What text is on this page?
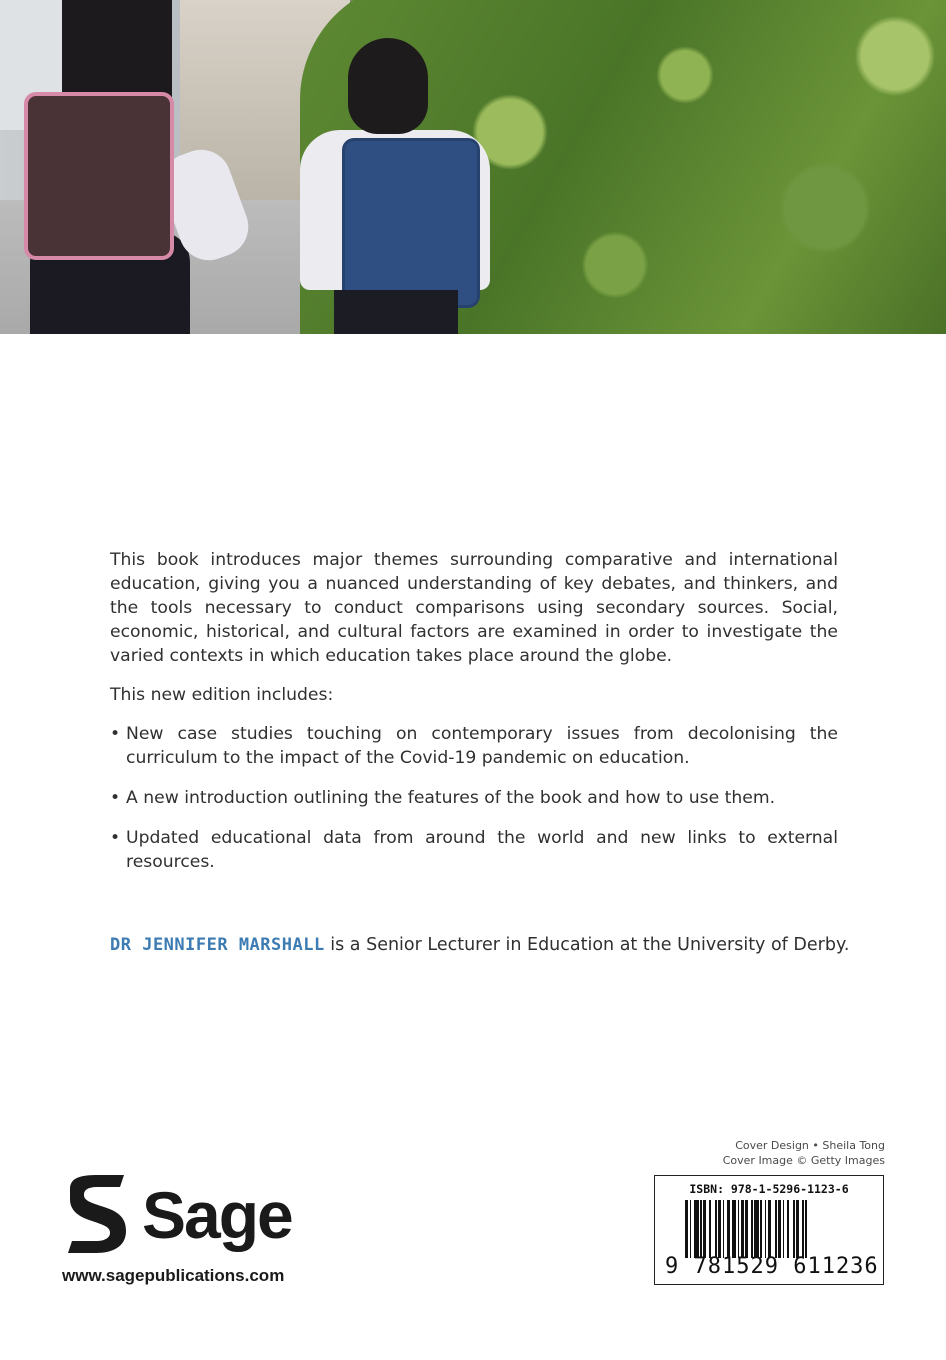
This book introduces major themes surrounding comparative and international education, giving you a nuanced understanding of key debates, and thinkers, and the tools necessary to conduct comparisons using secondary sources. Social, economic, historical, and cultural factors are examined in order to investigate the varied contexts in which education takes place around the globe.

This new edition includes:

• New case studies touching on contemporary issues from decolonising the curriculum to the impact of the Covid-19 pandemic on education.
• A new introduction outlining the features of the book and how to use them.
• Updated educational data from around the world and new links to external resources.
DR JENNIFER MARSHALL is a Senior Lecturer in Education at the University of Derby.
Cover Design • Sheila Tong
Cover Image © Getty Images
ISBN: 978-1-5296-1123-6
9 781529 611236
Sage
www.sagepublications.com
